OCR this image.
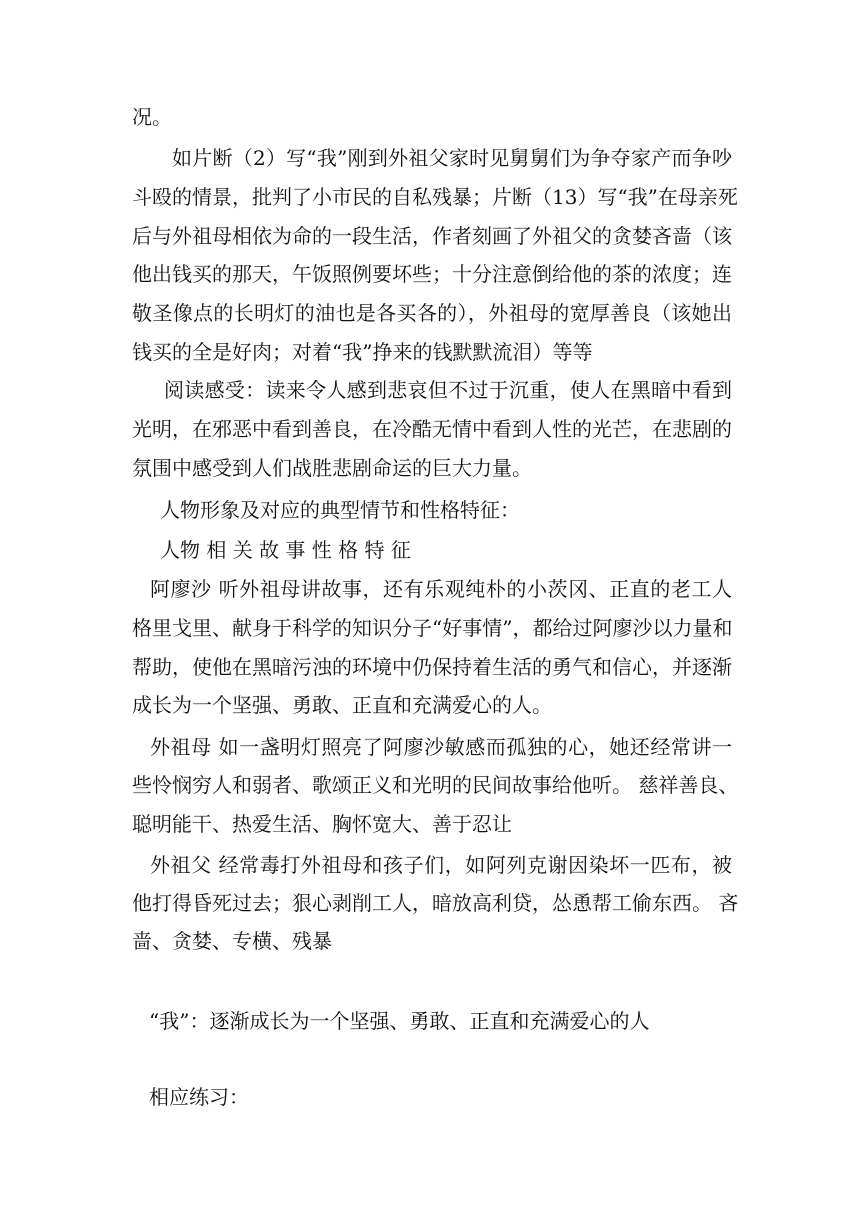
况。
如片断（2）写“我”刚到外祖父家时见舅舅们为争夺家产而争吵
斗殴的情景，批判了小市民的自私残暴；片断（13）写“我”在母亲死
后与外祖母相依为命的一段生活，作者刻画了外祖父的贪婪吝啬（该
他出钱买的那天，午饭照例要坏些；十分注意倒给他的茶的浓度；连
敬圣像点的长明灯的油也是各买各的），外祖母的宽厚善良（该她出
钱买的全是好肉；对着“我”挣来的钱默默流泪）等等
阅读感受：读来令人感到悲哀但不过于沉重，使人在黑暗中看到
光明，在邪恶中看到善良，在冷酷无情中看到人性的光芒，在悲剧的
氛围中感受到人们战胜悲剧命运的巨大力量。
人物形象及对应的典型情节和性格特征：
人物 相 关 故 事 性 格 特 征
阿廖沙 听外祖母讲故事，还有乐观纯朴的小茨冈、正直的老工人
格里戈里、献身于科学的知识分子“好事情”，都给过阿廖沙以力量和
帮助，使他在黑暗污浊的环境中仍保持着生活的勇气和信心，并逐渐
成长为一个坚强、勇敢、正直和充满爱心的人。
外祖母 如一盏明灯照亮了阿廖沙敏感而孤独的心，她还经常讲一
些怜悯穷人和弱者、歌颂正义和光明的民间故事给他听。 慈祥善良、
聪明能干、热爱生活、胸怀宽大、善于忍让
外祖父 经常毒打外祖母和孩子们，如阿列克谢因染坏一匹布，被
他打得昏死过去；狠心剥削工人，暗放高利贷，怂恿帮工偷东西。 吝
啬、贪婪、专横、残暴
“我”：逐渐成长为一个坚强、勇敢、正直和充满爱心的人
相应练习：
